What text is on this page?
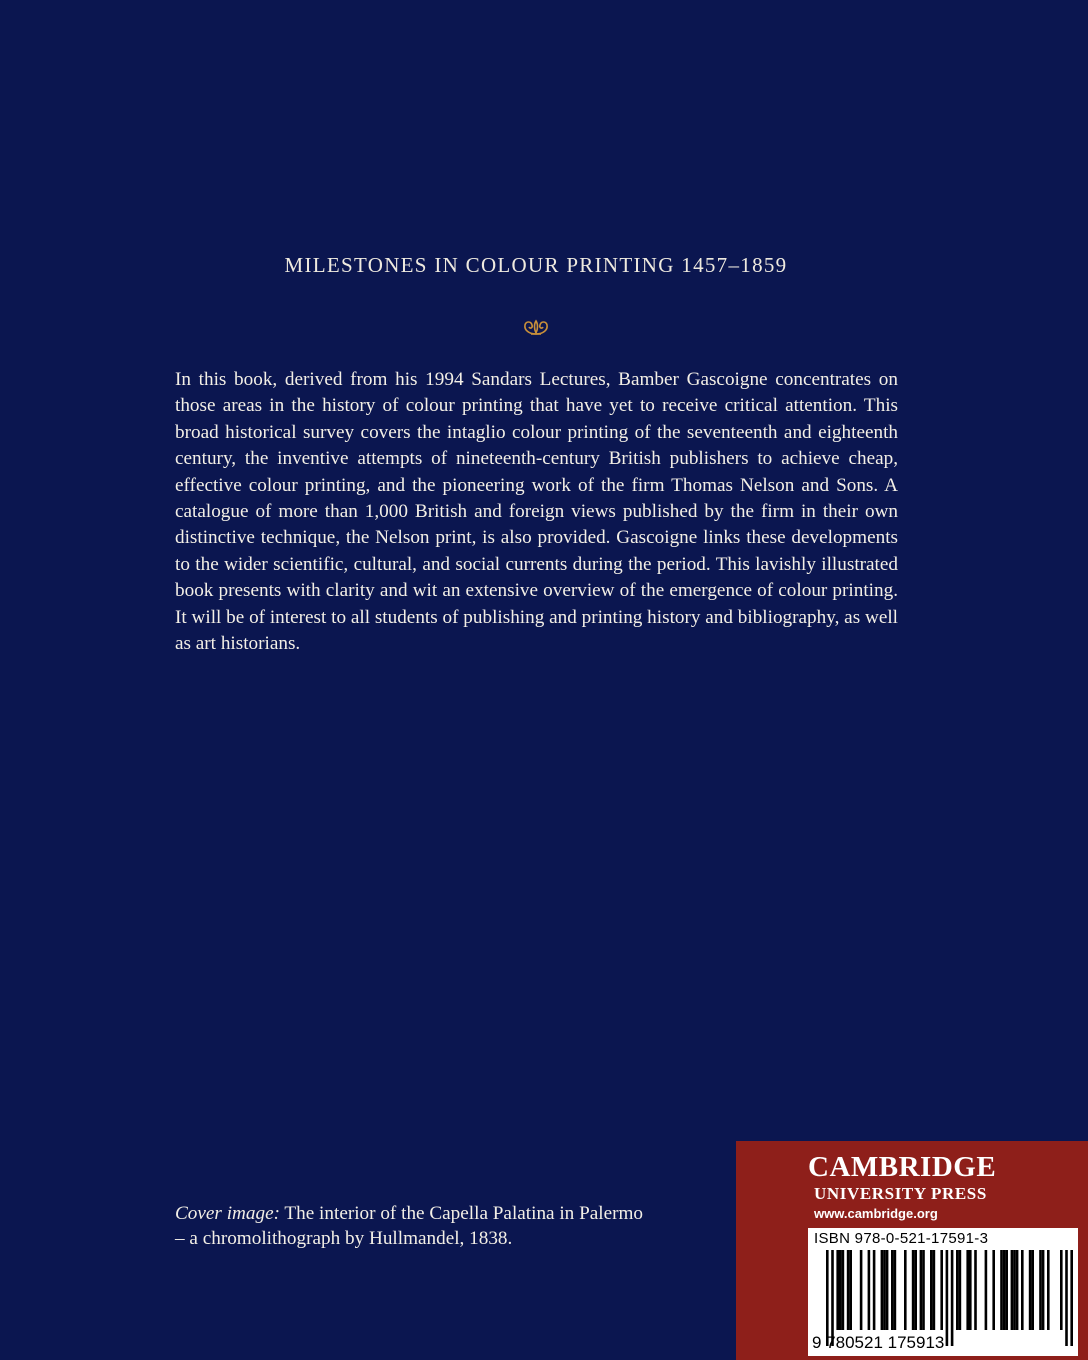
MILESTONES IN COLOUR PRINTING 1457–1859

In this book, derived from his 1994 Sandars Lectures, Bamber Gascoigne concentrates on those areas in the history of colour printing that have yet to receive critical attention. This broad historical survey covers the intaglio colour printing of the seventeenth and eighteenth century, the inventive attempts of nineteenth-century British publishers to achieve cheap, effective colour printing, and the pioneering work of the firm Thomas Nelson and Sons. A catalogue of more than 1,000 British and foreign views published by the firm in their own distinctive technique, the Nelson print, is also provided. Gascoigne links these developments to the wider scientific, cultural, and social currents during the period. This lavishly illustrated book presents with clarity and wit an extensive overview of the emergence of colour printing. It will be of interest to all students of publishing and printing history and bibliography, as well as art historians.

Cover image: The interior of the Capella Palatina in Palermo – a chromolithograph by Hullmandel, 1838.
CAMBRIDGE
UNIVERSITY PRESS
www.cambridge.org
ISBN 978-0-521-17591-3
9 780521 175913
